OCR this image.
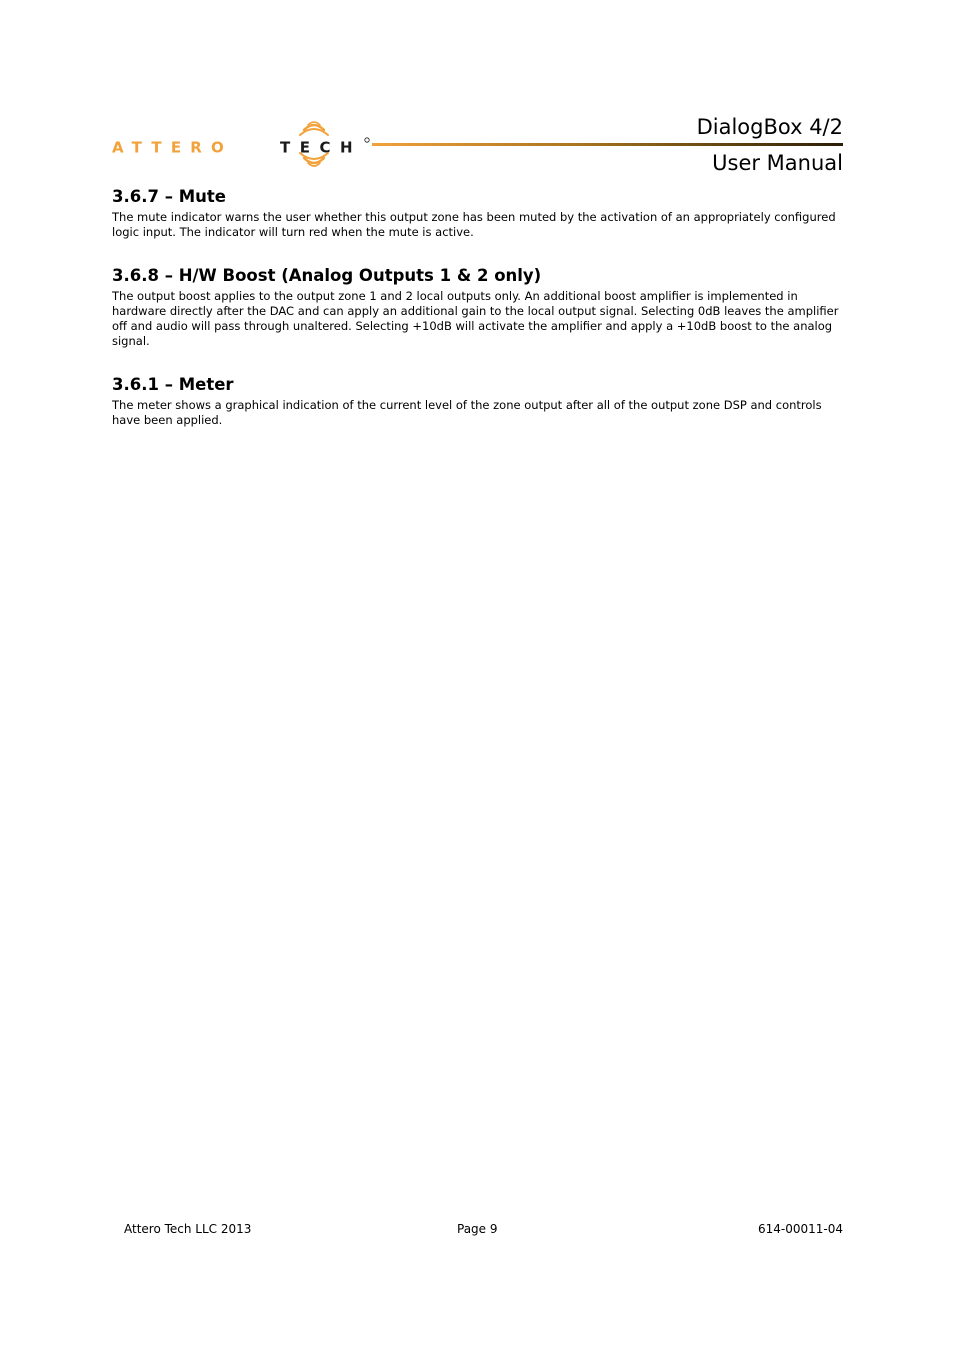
ATTERO	TECH
DialogBox 4/2
User Manual
3.6.7 – Mute

The mute indicator warns the user whether this output zone has been muted by the activation of an appropriately configured logic input. The indicator will turn red when the mute is active.

3.6.8 – H/W Boost (Analog Outputs 1 & 2 only)

The output boost applies to the output zone 1 and 2 local outputs only. An additional boost amplifier is implemented in hardware directly after the DAC and can apply an additional gain to the local output signal. Selecting 0dB leaves the amplifier off and audio will pass through unaltered. Selecting +10dB will activate the amplifier and apply a +10dB boost to the analog signal.

3.6.1 – Meter

The meter shows a graphical indication of the current level of the zone output after all of the output zone DSP and controls have been applied.

Attero Tech LLC 2013	Page 9	614-00011-04
